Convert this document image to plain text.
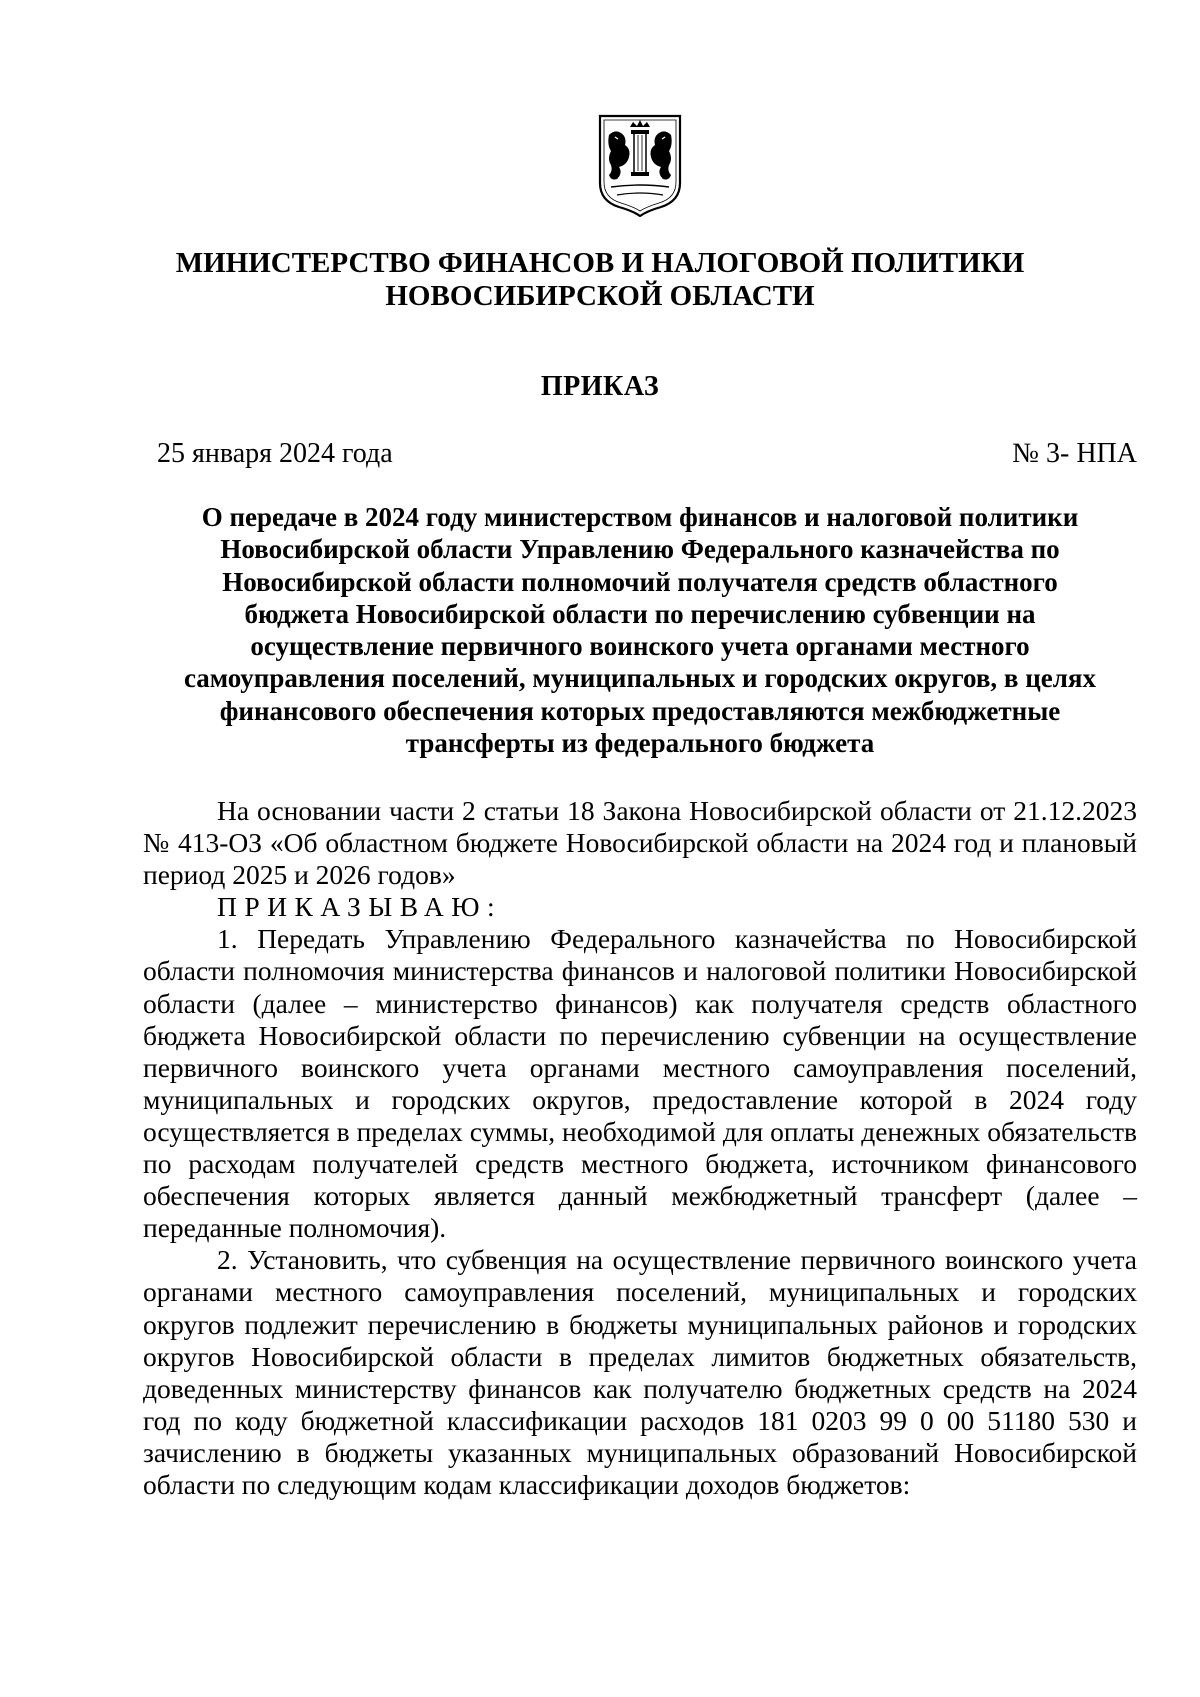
МИНИСТЕРСТВО ФИНАНСОВ И НАЛОГОВОЙ ПОЛИТИКИ
НОВОСИБИРСКОЙ ОБЛАСТИ
ПРИКАЗ
25 января 2024 года	№ 3- НПА
О передаче в 2024 году министерством финансов и налоговой политики
Новосибирской области Управлению Федерального казначейства по
Новосибирской области полномочий получателя средств областного
бюджета Новосибирской области по перечислению субвенции на
осуществление первичного воинского учета органами местного
самоуправления поселений, муниципальных и городских округов, в целях
финансового обеспечения которых предоставляются межбюджетные
трансферты из федерального бюджета

На основании части 2 статьи 18 Закона Новосибирской области от 21.12.2023 № 413-ОЗ «Об областном бюджете Новосибирской области на 2024 год и плановый период 2025 и 2026 годов»

ПРИКАЗЫВАЮ:

1. Передать Управлению Федерального казначейства по Новосибирской области полномочия министерства финансов и налоговой политики Новосибирской области (далее – министерство финансов) как получателя средств областного бюджета Новосибирской области по перечислению субвенции на осуществление первичного воинского учета органами местного самоуправления поселений, муниципальных и городских округов, предоставление которой в 2024 году осуществляется в пределах суммы, необходимой для оплаты денежных обязательств по расходам получателей средств местного бюджета, источником финансового обеспечения которых является данный межбюджетный трансферт (далее – переданные полномочия).

2. Установить, что субвенция на осуществление первичного воинского учета органами местного самоуправления поселений, муниципальных и городских округов подлежит перечислению в бюджеты муниципальных районов и городских округов Новосибирской области в пределах лимитов бюджетных обязательств, доведенных министерству финансов как получателю бюджетных средств на 2024 год по коду бюджетной классификации расходов 181 0203 99 0 00 51180 530 и зачислению в бюджеты указанных муниципальных образований Новосибирской области по следующим кодам классификации доходов бюджетов:
